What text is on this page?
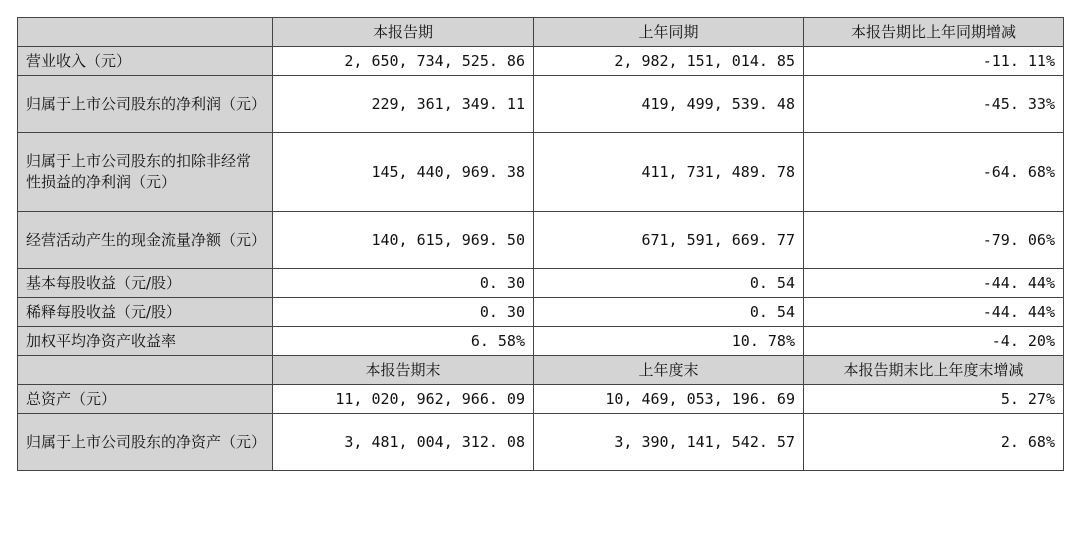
	本报告期	上年同期	本报告期比上年同期增减
营业收入（元）	2, 650, 734, 525. 86	2, 982, 151, 014. 85	-11. 11%
归属于上市公司股东的净利润（元）	229, 361, 349. 11	419, 499, 539. 48	-45. 33%
归属于上市公司股东的扣除非经常性损益的净利润（元）	145, 440, 969. 38	411, 731, 489. 78	-64. 68%
经营活动产生的现金流量净额（元）	140, 615, 969. 50	671, 591, 669. 77	-79. 06%
基本每股收益（元/股）	0. 30	0. 54	-44. 44%
稀释每股收益（元/股）	0. 30	0. 54	-44. 44%
加权平均净资产收益率	6. 58%	10. 78%	-4. 20%
	本报告期末	上年度末	本报告期末比上年度末增减
总资产（元）	11, 020, 962, 966. 09	10, 469, 053, 196. 69	5. 27%
归属于上市公司股东的净资产（元）	3, 481, 004, 312. 08	3, 390, 141, 542. 57	2. 68%
